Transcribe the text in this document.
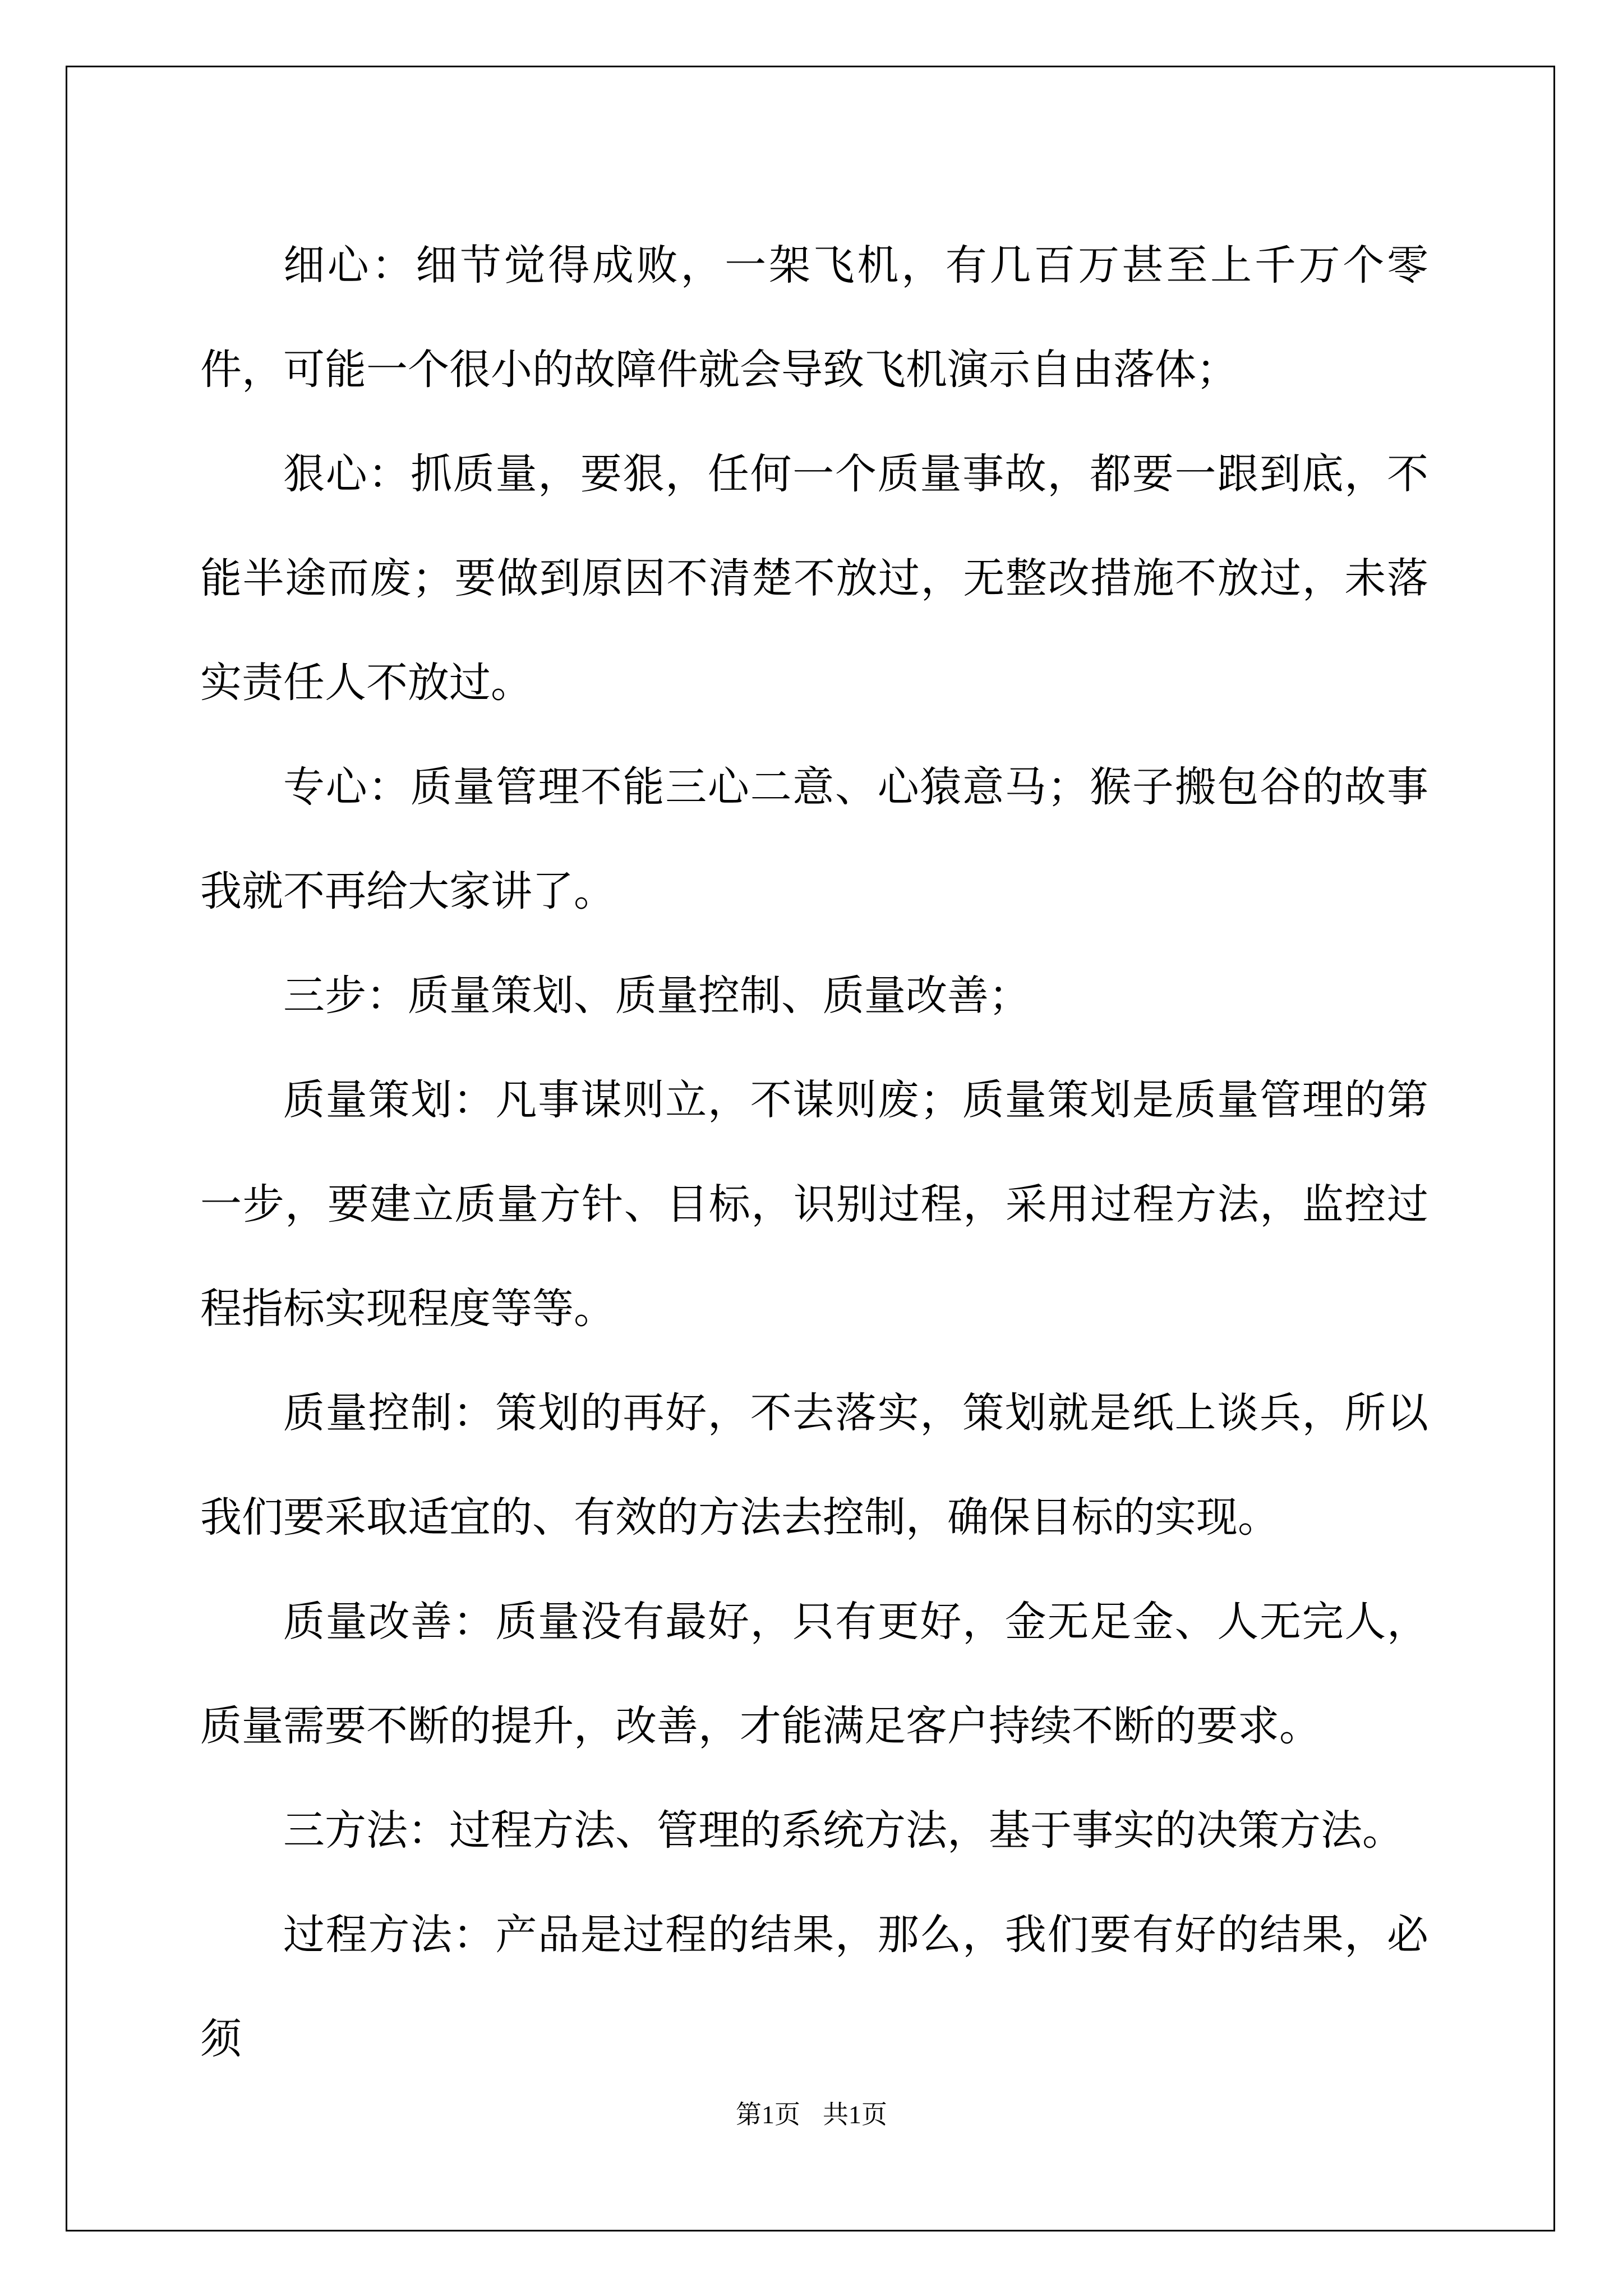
细心：细节觉得成败，一架飞机，有几百万甚至上千万个零件，可能一个很小的故障件就会导致飞机演示自由落体；

狠心：抓质量，要狠，任何一个质量事故，都要一跟到底，不能半途而废；要做到原因不清楚不放过，无整改措施不放过，未落实责任人不放过。

专心：质量管理不能三心二意、心猿意马；猴子搬包谷的故事我就不再给大家讲了。

三步：质量策划、质量控制、质量改善；

质量策划：凡事谋则立，不谋则废；质量策划是质量管理的第一步，要建立质量方针、目标，识别过程，采用过程方法，监控过程指标实现程度等等。

质量控制：策划的再好，不去落实，策划就是纸上谈兵，所以我们要采取适宜的、有效的方法去控制，确保目标的实现。

质量改善：质量没有最好，只有更好，金无足金、人无完人，质量需要不断的提升，改善，才能满足客户持续不断的要求。

三方法：过程方法、管理的系统方法，基于事实的决策方法。

过程方法：产品是过程的结果，那么，我们要有好的结果，必须

第1页 共1页
